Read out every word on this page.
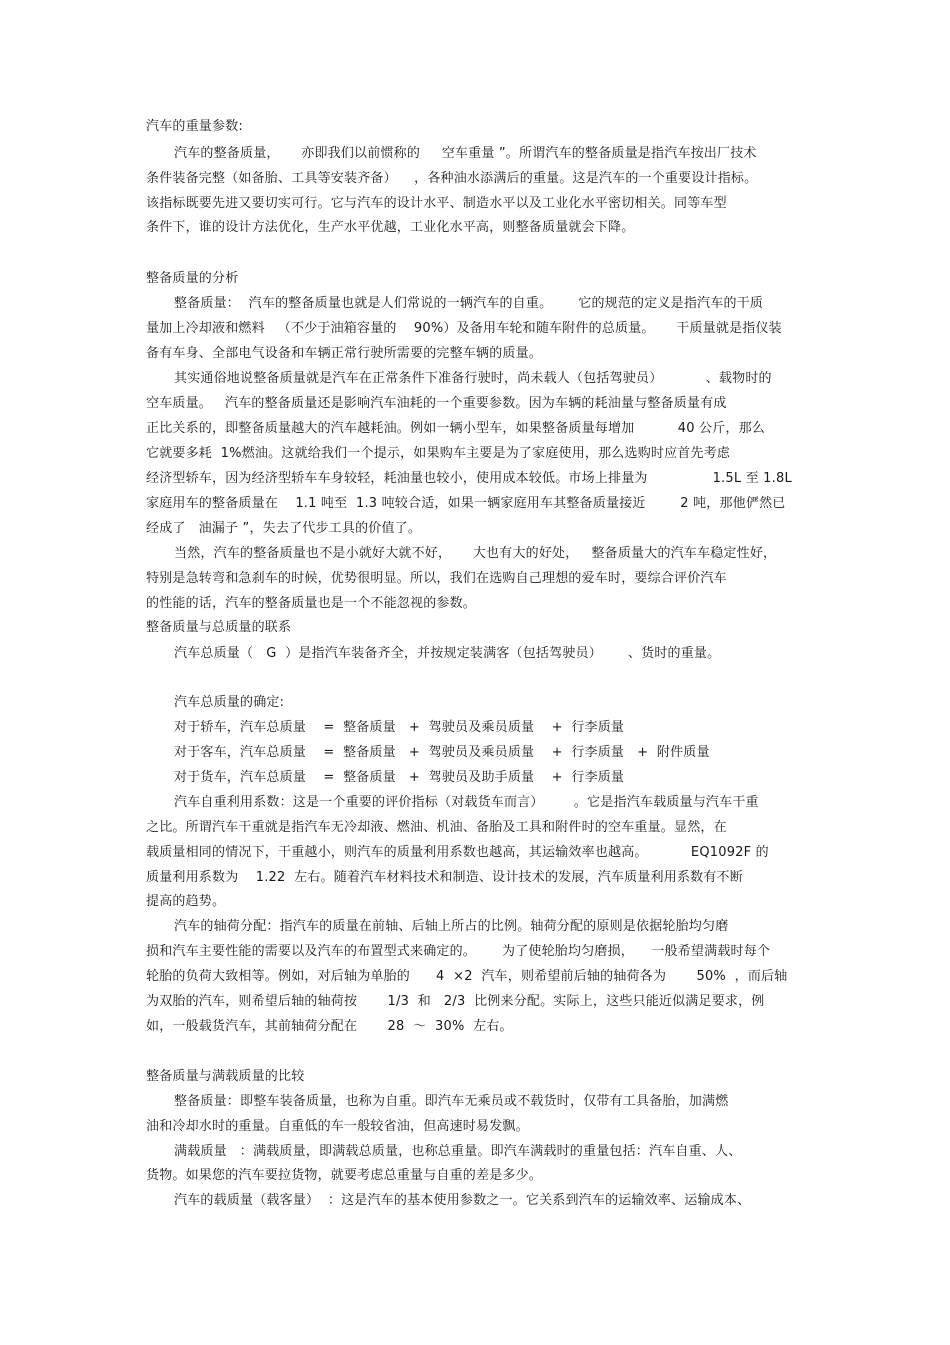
汽车的重量参数:
汽车的整备质量，     亦即我们以前惯称的     空车重量 ”。所谓汽车的整备质量是指汽车按出厂技术
条件装备完整（如备胎、工具等安装齐备）    ，各种油水添满后的重量。这是汽车的一个重要设计指标。
该指标既要先进又要切实可行。它与汽车的设计水平、制造水平以及工业化水平密切相关。同等车型
条件下，谁的设计方法优化，生产水平优越，工业化水平高，则整备质量就会下降。
整备质量的分析
整备质量：  汽车的整备质量也就是人们常说的一辆汽车的自重。      它的规范的定义是指汽车的干质
量加上冷却液和燃料   （不少于油箱容量的    90%）及备用车轮和随车附件的总质量。     干质量就是指仪装
备有车身、全部电气设备和车辆正常行驶所需要的完整车辆的质量。
其实通俗地说整备质量就是汽车在正常条件下准备行驶时，尚未载人（包括驾驶员）          、载物时的
空车质量。   汽车的整备质量还是影响汽车油耗的一个重要参数。因为车辆的耗油量与整备质量有成
正比关系的，即整备质量越大的汽车越耗油。例如一辆小型车，如果整备质量每增加          40 公斤，那么
它就要多耗  1%燃油。这就给我们一个提示，如果购车主要是为了家庭使用，那么选购时应首先考虑
经济型轿车，因为经济型轿车车身较轻，耗油量也较小，使用成本较低。市场上排量为               1.5L 至 1.8L
家庭用车的整备质量在    1.1 吨至  1.3 吨较合适，如果一辆家庭用车其整备质量接近        2 吨，那他俨然已
经成了   油漏子 ”，失去了代步工具的价值了。
当然，汽车的整备质量也不是小就好大就不好，     大也有大的好处，   整备质量大的汽车车稳定性好，
特别是急转弯和急刹车的时候，优势很明显。所以，我们在选购自己理想的爱车时，要综合评价汽车
的性能的话，汽车的整备质量也是一个不能忽视的参数。
整备质量与总质量的联系
汽车总质量（   G  ）是指汽车装备齐全，并按规定装满客（包括驾驶员）      、货时的重量。
汽车总质量的确定:
对于轿车，汽车总质量    =  整备质量   +  驾驶员及乘员质量    +  行李质量
对于客车，汽车总质量    =  整备质量   +  驾驶员及乘员质量    +  行李质量   +  附件质量
对于货车，汽车总质量    =  整备质量   +  驾驶员及助手质量    +  行李质量
汽车自重利用系数：这是一个重要的评价指标（对载货车而言）       。它是指汽车载质量与汽车干重
之比。所谓汽车干重就是指汽车无冷却液、燃油、机油、备胎及工具和附件时的空车重量。显然，在
载质量相同的情况下，干重越小，则汽车的质量利用系数也越高，其运输效率也越高。          EQ1092F 的
质量利用系数为    1.22  左右。随着汽车材料技术和制造、设计技术的发展，汽车质量利用系数有不断
提高的趋势。
汽车的轴荷分配：指汽车的质量在前轴、后轴上所占的比例。轴荷分配的原则是依据轮胎均匀磨
损和汽车主要性能的需要以及汽车的布置型式来确定的。      为了使轮胎均匀磨损，    一般希望满载时每个
轮胎的负荷大致相等。例如，对后轴为单胎的      4  ×2  汽车，则希望前后轴的轴荷各为       50%  ，而后轴
为双胎的汽车，则希望后轴的轴荷按       1/3  和   2/3  比例来分配。实际上，这些只能近似满足要求，例
如，一般载货汽车，其前轴荷分配在       28  ～  30%  左右。
整备质量与满载质量的比较
整备质量：即整车装备质量，也称为自重。即汽车无乘员或不载货时，仅带有工具备胎，加满燃
油和冷却水时的重量。自重低的车一般较省油，但高速时易发飘。
满载质量   ：满载质量，即满载总质量，也称总重量。即汽车满载时的重量包括：汽车自重、人、
货物。如果您的汽车要拉货物，就要考虑总重量与自重的差是多少。
汽车的载质量（载客量）  ：这是汽车的基本使用参数之一。它关系到汽车的运输效率、运输成本、
